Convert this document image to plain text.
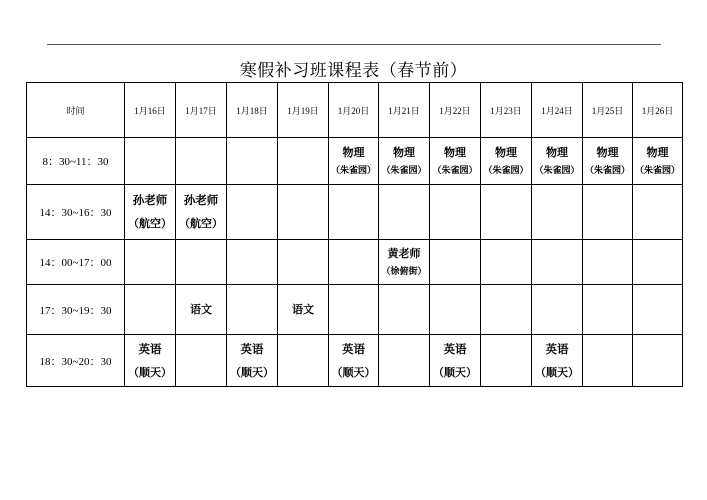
寒假补习班课程表（春节前）
时间	1月16日	1月17日	1月18日	1月19日	1月20日	1月21日	1月22日	1月23日	1月24日	1月25日	1月26日
8：30~11：30					物理
（朱雀园）	物理
（朱雀园）	物理
（朱雀园）	物理
（朱雀园）	物理
（朱雀园）	物理
（朱雀园）	物理
（朱雀园）

14：30~16：30	孙老师
（航空）	孙老师
（航空）									

14：00~17：00						黄老师
（徐俯街）					

17：30~19：30		语文		语文							

18：30~20：30	英语
（顺天）		英语
（顺天）		英语
（顺天）		英语
（顺天）		英语
（顺天）		
